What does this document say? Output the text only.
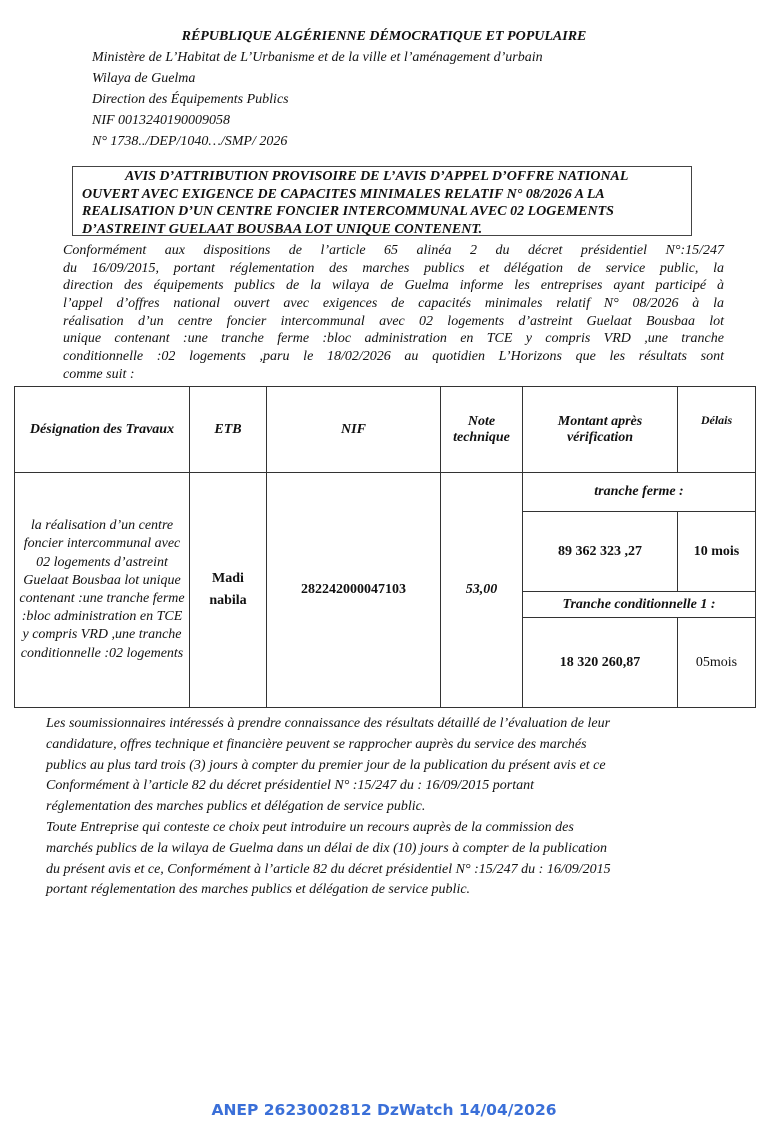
RÉPUBLIQUE ALGÉRIENNE DÉMOCRATIQUE ET POPULAIRE
Ministère de L’Habitat de L’Urbanisme et de la ville et l’aménagement d’urbain
Wilaya de Guelma
Direction des Équipements Publics
NIF 0013240190009058
N° 1738../DEP/1040…/SMP/ 2026
AVIS D’ATTRIBUTION PROVISOIRE DE L’AVIS D’APPEL D’OFFRE NATIONAL
OUVERT AVEC EXIGENCE DE CAPACITES MINIMALES RELATIF N° 08/2026 A LA
REALISATION D’UN CENTRE FONCIER INTERCOMMUNAL AVEC 02 LOGEMENTS
D’ASTREINT GUELAAT BOUSBAA LOT UNIQUE CONTENENT.
Conformément aux dispositions de l’article 65 alinéa 2 du décret présidentiel N°:15/247
du 16/09/2015, portant réglementation des marches publics et délégation de service public, la
direction des équipements publics de la wilaya de Guelma informe les entreprises ayant participé à
l’appel d’offres national ouvert avec exigences de capacités minimales relatif N° 08/2026 à la
réalisation d’un centre foncier intercommunal avec 02 logements d’astreint Guelaat Bousbaa lot
unique contenant :une tranche ferme :bloc administration en TCE y compris VRD ,une tranche
conditionnelle :02 logements ,paru le 18/02/2026 au quotidien L’Horizons que les résultats sont
comme suit :
Désignation des Travaux	ETB	NIF	Note technique	Montant après vérification	Délais
la réalisation d’un centre foncier intercommunal avec 02 logements d’astreint Guelaat Bousbaa lot unique contenant :une tranche ferme :bloc administration en TCE y compris VRD ,une tranche conditionnelle :02 logements	Madi
nabila	282242000047103	53,00	tranche ferme :	
				89 362 323 ,27	10 mois
				Tranche conditionnelle 1 :	
				18 320 260,87	05mois
Les soumissionnaires intéressés à prendre connaissance des résultats détaillé de l’évaluation de leur
candidature, offres technique et financière peuvent se rapprocher auprès du service des marchés
publics au plus tard trois (3) jours à compter du premier jour de la publication du présent avis et ce
Conformément à l’article 82 du décret présidentiel N° :15/247 du : 16/09/2015 portant
réglementation des marches publics et délégation de service public.
Toute Entreprise qui conteste ce choix peut introduire un recours auprès de la commission des
marchés publics de la wilaya de Guelma dans un délai de dix (10) jours à compter de la publication
du présent avis et ce, Conformément à l’article 82 du décret présidentiel N° :15/247 du : 16/09/2015
portant réglementation des marches publics et délégation de service public.
ANEP 2623002812 DzWatch 14/04/2026
